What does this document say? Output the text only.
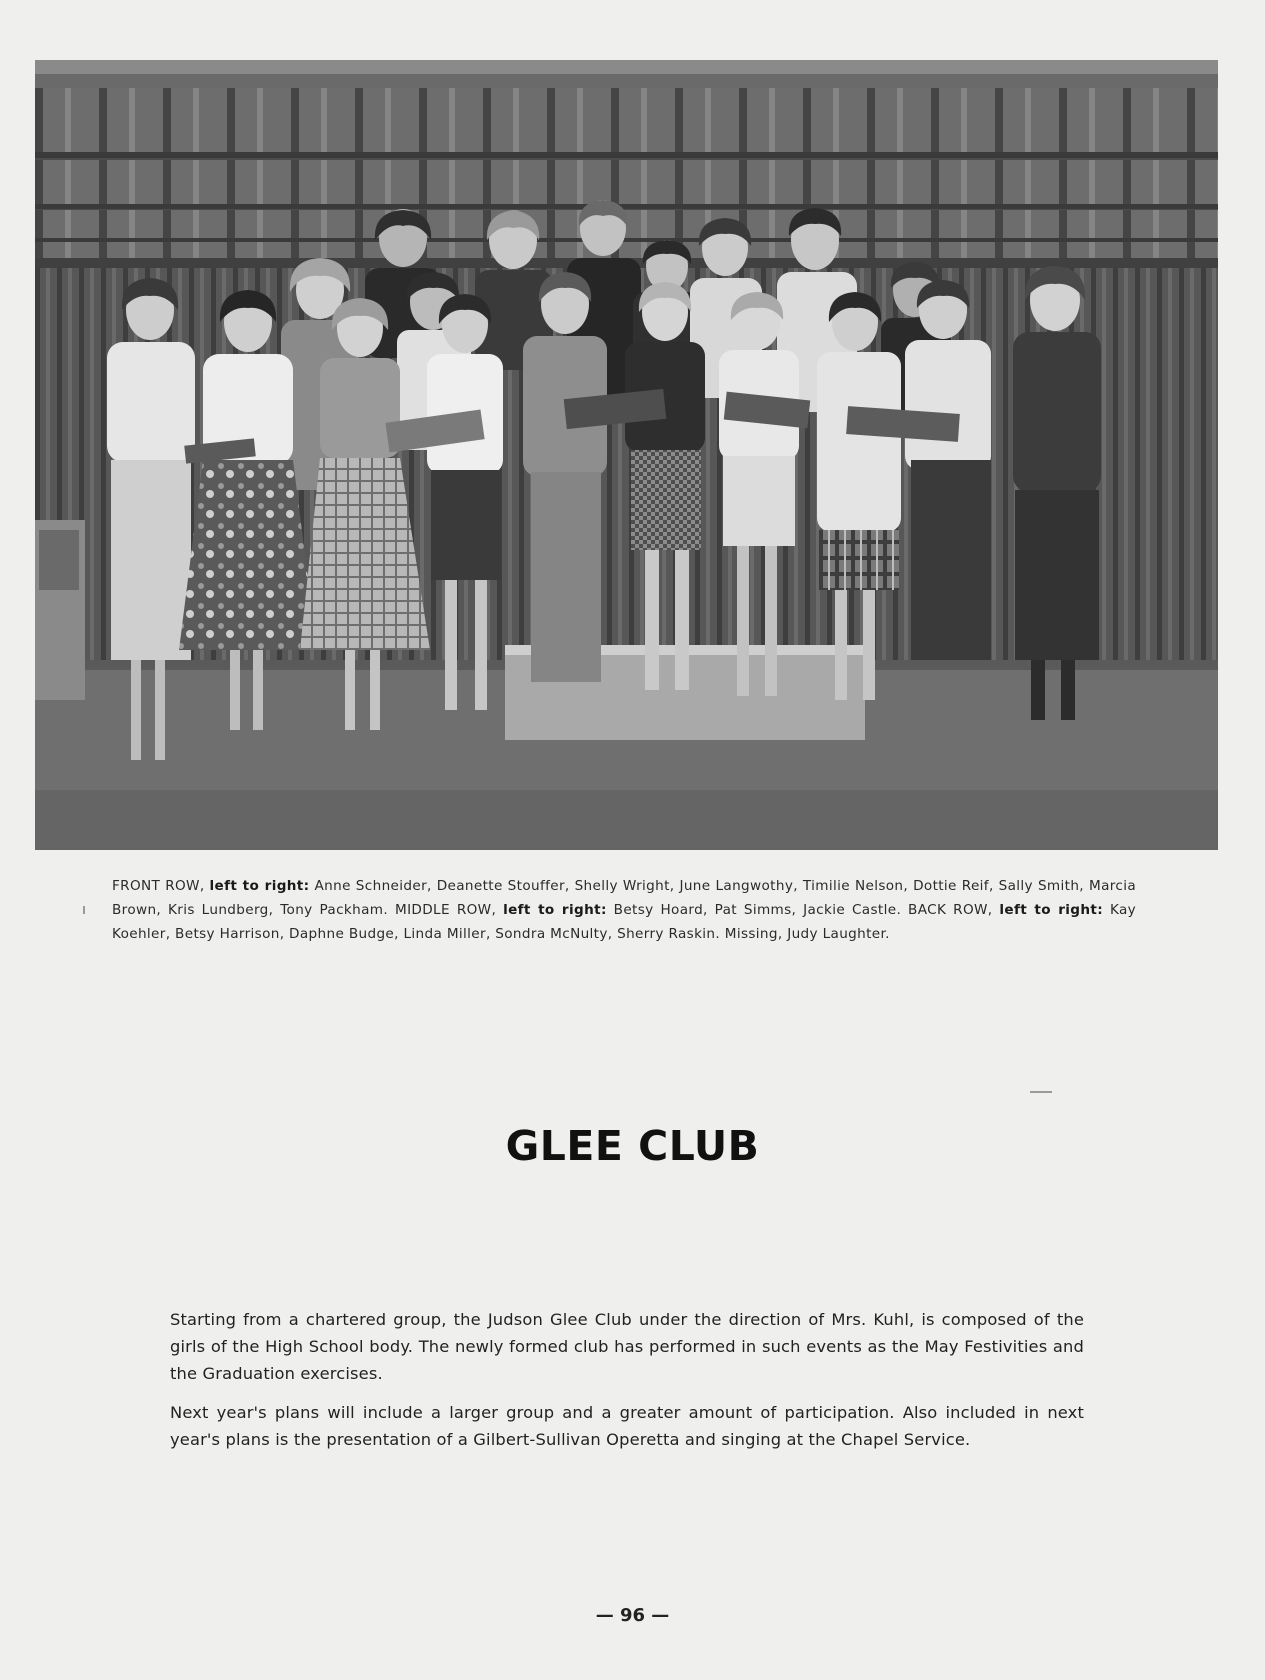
FRONT ROW, left to right: Anne Schneider, Deanette Stouffer, Shelly Wright, June Langwothy, Timilie Nelson, Dottie Reif, Sally Smith, Marcia Brown, Kris Lundberg, Tony Packham. MIDDLE ROW, left to right: Betsy Hoard, Pat Simms, Jackie Castle. BACK ROW, left to right: Kay Koehler, Betsy Harrison, Daphne Budge, Linda Miller, Sondra McNulty, Sherry Raskin. Missing, Judy Laughter.
GLEE CLUB

Starting from a chartered group, the Judson Glee Club under the direction of Mrs. Kuhl, is composed of the girls of the High School body. The newly formed club has performed in such events as the May Festivities and the Graduation exercises.

Next year's plans will include a larger group and a greater amount of participation. Also included in next year's plans is the presentation of a Gilbert-Sullivan Operetta and singing at the Chapel Service.

— 96 —
